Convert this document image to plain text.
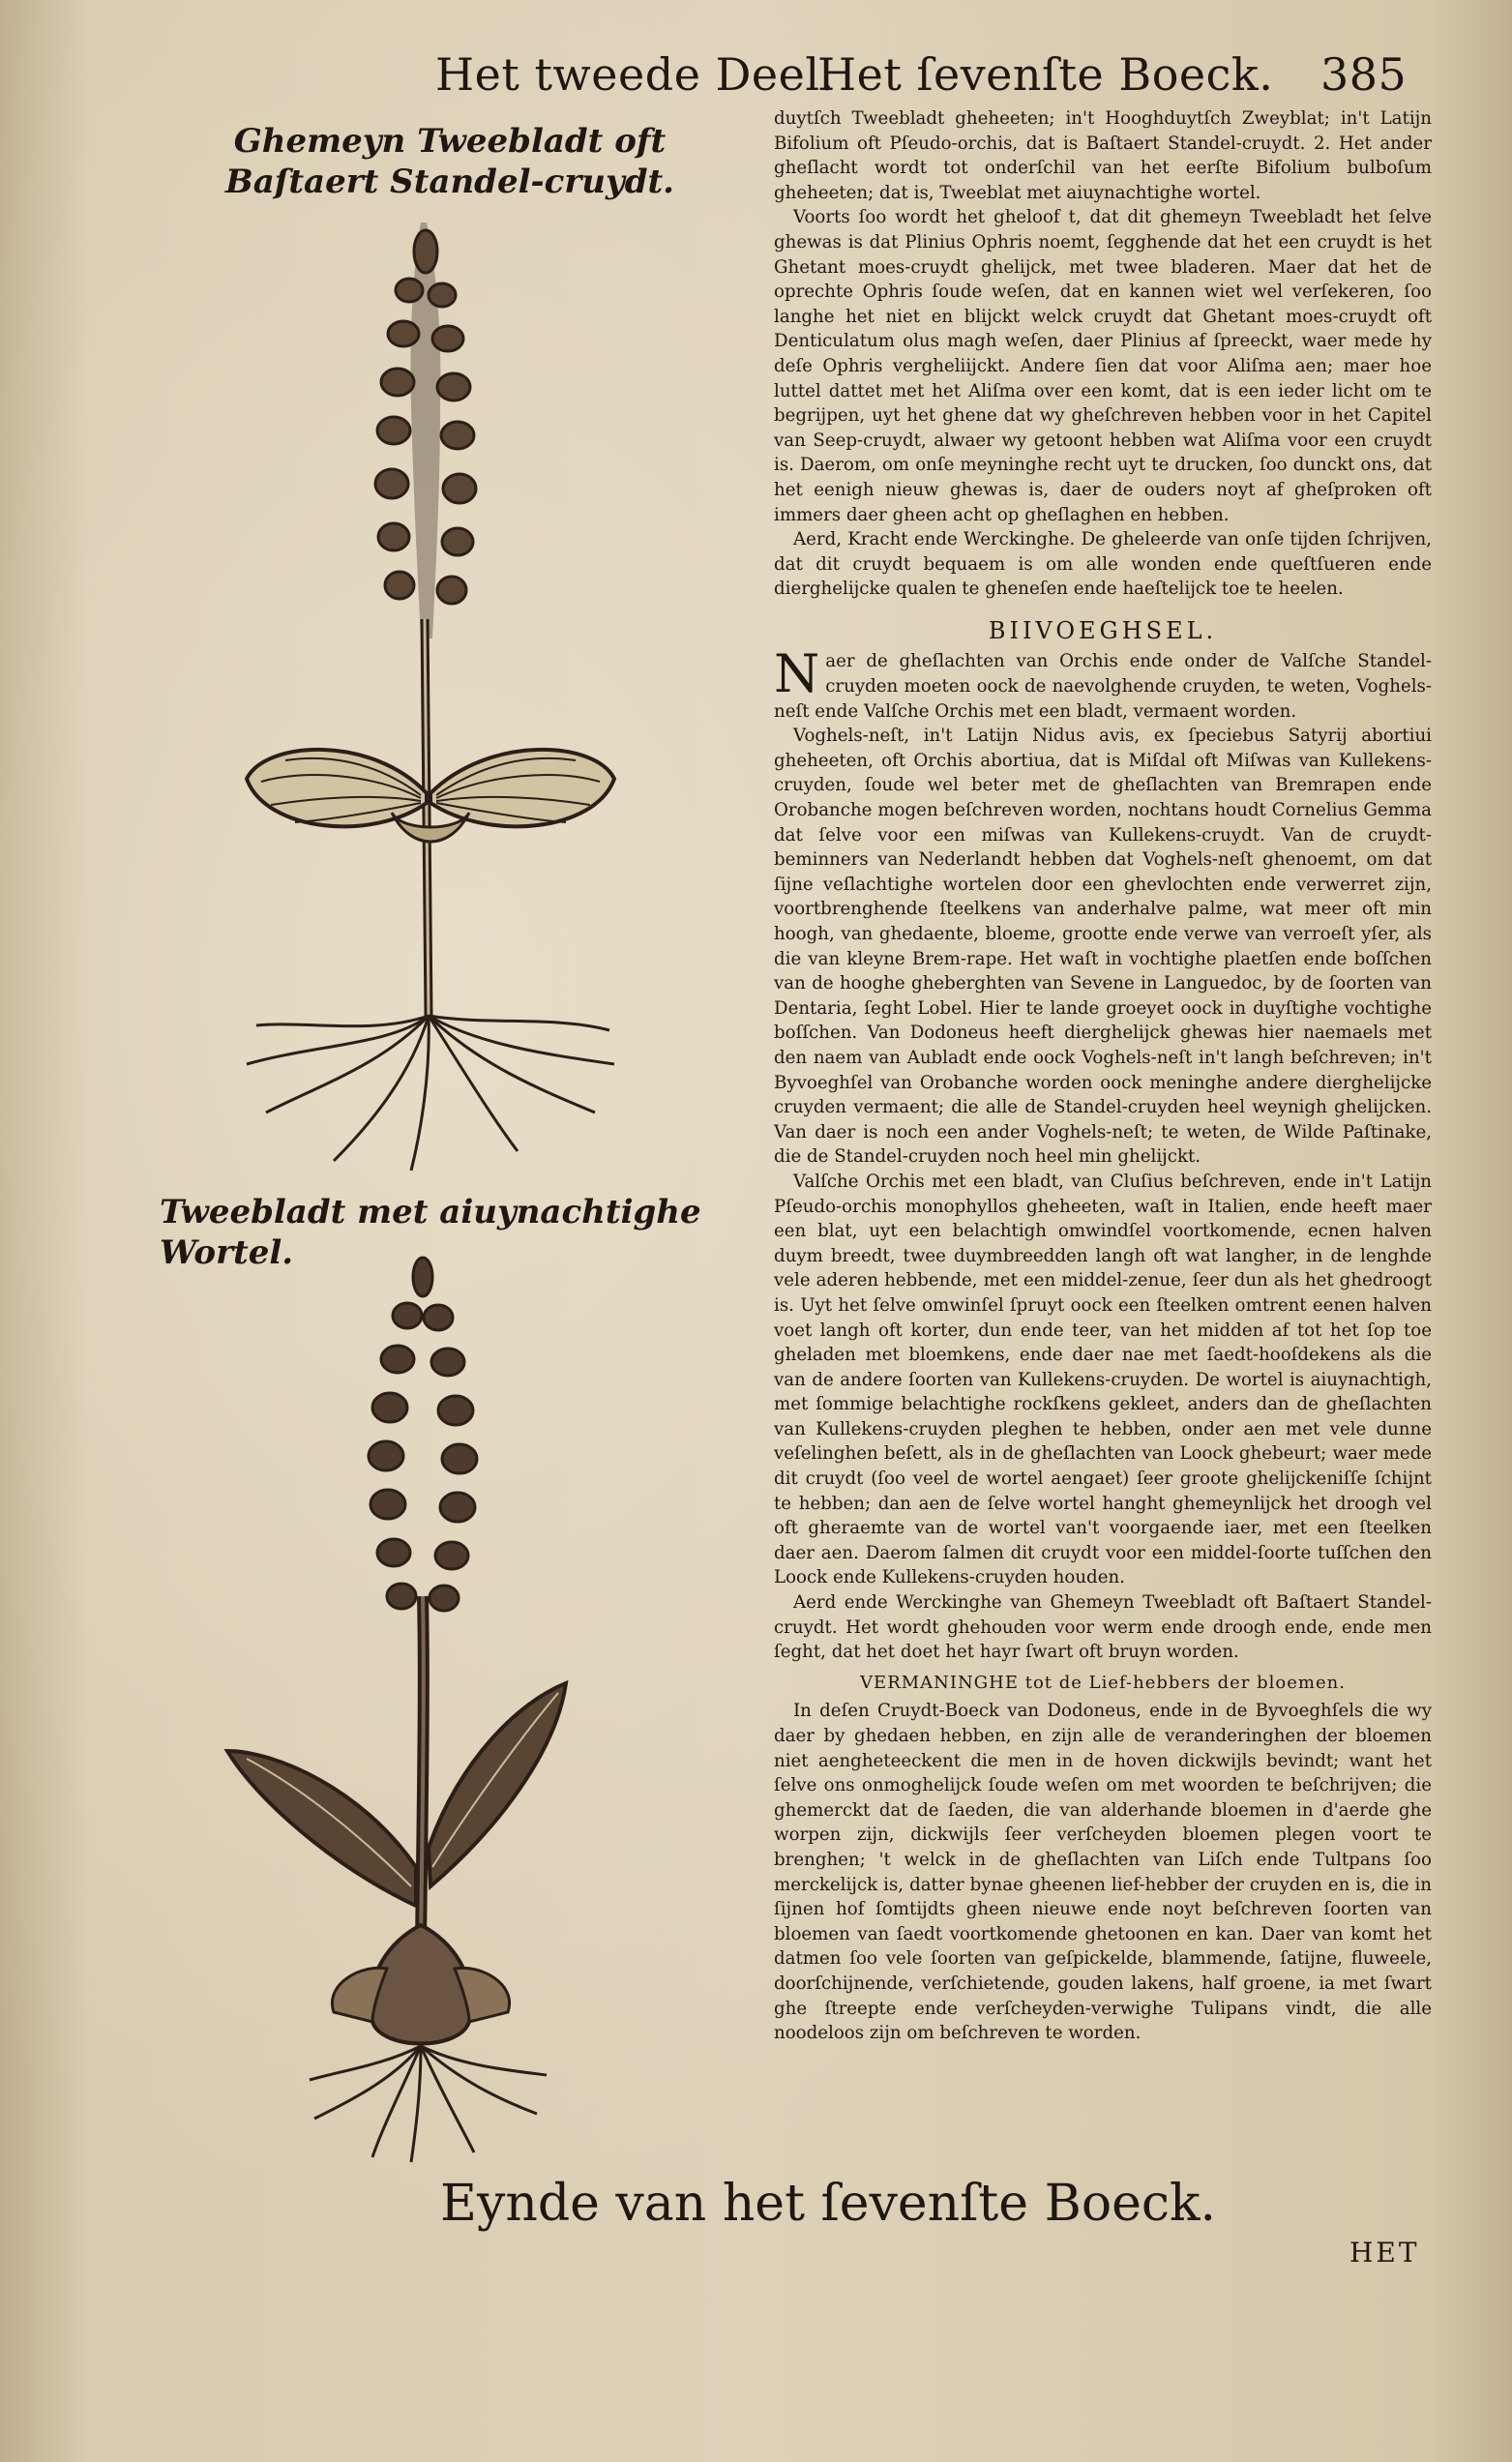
Het tweede Deel.
Het ſevenſte Boeck. 385
Ghemeyn Tweebladt oft Baſtaert Standel-cruydt.
Tweebladt met aiuynachtighe Wortel.

duytſch Tweebladt gheheeten; in't Hooghduytſch Zweyblat; in't Latijn Bifolium oft Pſeudo-orchis, dat is Baſtaert Standel-cruydt. 2. Het ander gheſlacht wordt tot onderſchil van het eerſte Bifolium bulboſum gheheeten; dat is, Tweeblat met aiuynachtighe wortel.

Voorts ſoo wordt het gheloof t, dat dit ghemeyn Tweebladt het ſelve ghewas is dat Plinius Ophris noemt, ſegghende dat het een cruydt is het Ghetant moes-cruydt ghelijck, met twee bladeren. Maer dat het de oprechte Ophris ſoude weſen, dat en kannen wiet wel verſekeren, ſoo langhe het niet en blijckt welck cruydt dat Ghetant moes-cruydt oft Denticulatum olus magh weſen, daer Plinius af ſpreeckt, waer mede hy deſe Ophris vergheliijckt. Andere ſien dat voor Aliſma aen; maer hoe luttel dattet met het Aliſma over een komt, dat is een ieder licht om te begrijpen, uyt het ghene dat wy gheſchreven hebben voor in het Capitel van Seep-cruydt, alwaer wy getoont hebben wat Aliſma voor een cruydt is. Daerom, om onſe meyninghe recht uyt te drucken, ſoo dunckt ons, dat het eenigh nieuw ghewas is, daer de ouders noyt af gheſproken oft immers daer gheen acht op gheſlaghen en hebben.

Aerd, Kracht ende Werckinghe. De gheleerde van onſe tijden ſchrijven, dat dit cruydt bequaem is om alle wonden ende queſtſueren ende dierghelijcke qualen te gheneſen ende haeſtelijck toe te heelen.

BIIVOEGHSEL.

Naer de gheſlachten van Orchis ende onder de Valſche Standel-cruyden moeten oock de naevolghende cruyden, te weten, Voghels-neſt ende Valſche Orchis met een bladt, vermaent worden.

Voghels-neſt, in't Latijn Nidus avis, ex ſpeciebus Satyrij abortiui gheheeten, oft Orchis abortiua, dat is Miſdal oft Miſwas van Kullekens-cruyden, ſoude wel beter met de gheſlachten van Bremrapen ende Orobanche mogen beſchreven worden, nochtans houdt Cornelius Gemma dat ſelve voor een miſwas van Kullekens-cruydt. Van de cruydt-beminners van Nederlandt hebben dat Voghels-neſt ghenoemt, om dat ſijne veſlachtighe wortelen door een ghevlochten ende verwerret zijn, voortbrenghende ſteelkens van anderhalve palme, wat meer oft min hoogh, van ghedaente, bloeme, grootte ende verwe van verroeſt yſer, als die van kleyne Brem-rape. Het waſt in vochtighe plaetſen ende boſſchen van de hooghe gheberghten van Sevene in Languedoc, by de ſoorten van Dentaria, ſeght Lobel. Hier te lande groeyet oock in duyſtighe vochtighe boſſchen. Van Dodoneus heeft dierghelijck ghewas hier naemaels met den naem van Aubladt ende oock Voghels-neſt in't langh beſchreven; in't Byvoeghſel van Orobanche worden oock meninghe andere dierghelijcke cruyden vermaent; die alle de Standel-cruyden heel weynigh ghelijcken. Van daer is noch een ander Voghels-neſt; te weten, de Wilde Paſtinake, die de Standel-cruyden noch heel min ghelijckt.

Valſche Orchis met een bladt, van Cluſius beſchreven, ende in't Latijn Pſeudo-orchis monophyllos gheheeten, waſt in Italien, ende heeft maer een blat, uyt een belachtigh omwindſel voortkomende, ecnen halven duym breedt, twee duymbreedden langh oft wat langher, in de lenghde vele aderen hebbende, met een middel-zenue, ſeer dun als het ghedroogt is. Uyt het ſelve omwinſel ſpruyt oock een ſteelken omtrent eenen halven voet langh oft korter, dun ende teer, van het midden af tot het ſop toe gheladen met bloemkens, ende daer nae met ſaedt-hooſdekens als die van de andere ſoorten van Kullekens-cruyden. De wortel is aiuynachtigh, met ſommige belachtighe rockſkens gekleet, anders dan de gheſlachten van Kullekens-cruyden pleghen te hebben, onder aen met vele dunne veſelinghen beſett, als in de gheſlachten van Loock ghebeurt; waer mede dit cruydt (ſoo veel de wortel aengaet) ſeer groote ghelijckeniſſe ſchijnt te hebben; dan aen de ſelve wortel hanght ghemeynlijck het droogh vel oft gheraemte van de wortel van't voorgaende iaer, met een ſteelken daer aen. Daerom ſalmen dit cruydt voor een middel-ſoorte tuſſchen den Loock ende Kullekens-cruyden houden.

Aerd ende Werckinghe van Ghemeyn Tweebladt oft Baſtaert Standel-cruydt. Het wordt ghehouden voor werm ende droogh ende, ende men ſeght, dat het doet het hayr ſwart oft bruyn worden.

VERMANINGHE tot de Lief-hebbers der bloemen.

In deſen Cruydt-Boeck van Dodoneus, ende in de Byvoeghſels die wy daer by ghedaen hebben, en zijn alle de veranderinghen der bloemen niet aengheteeckent die men in de hoven dickwijls bevindt; want het ſelve ons onmoghelijck ſoude weſen om met woorden te beſchrijven; die ghemerckt dat de ſaeden, die van alderhande bloemen in d'aerde ghe worpen zijn, dickwijls ſeer verſcheyden bloemen plegen voort te brenghen; 't welck in de gheſlachten van Liſch ende Tultpans ſoo merckelijck is, datter bynae gheenen lief-hebber der cruyden en is, die in ſijnen hof ſomtijdts gheen nieuwe ende noyt beſchreven ſoorten van bloemen van ſaedt voortkomende ghetoonen en kan. Daer van komt het datmen ſoo vele ſoorten van geſpickelde, blammende, ſatijne, fluweele, doorſchijnende, verſchietende, gouden lakens, half groene, ia met ſwart ghe ſtreepte ende verſcheyden-verwighe Tulipans vindt, die alle noodeloos zijn om beſchreven te worden.

Eynde van het ſevenſte Boeck.
HET
